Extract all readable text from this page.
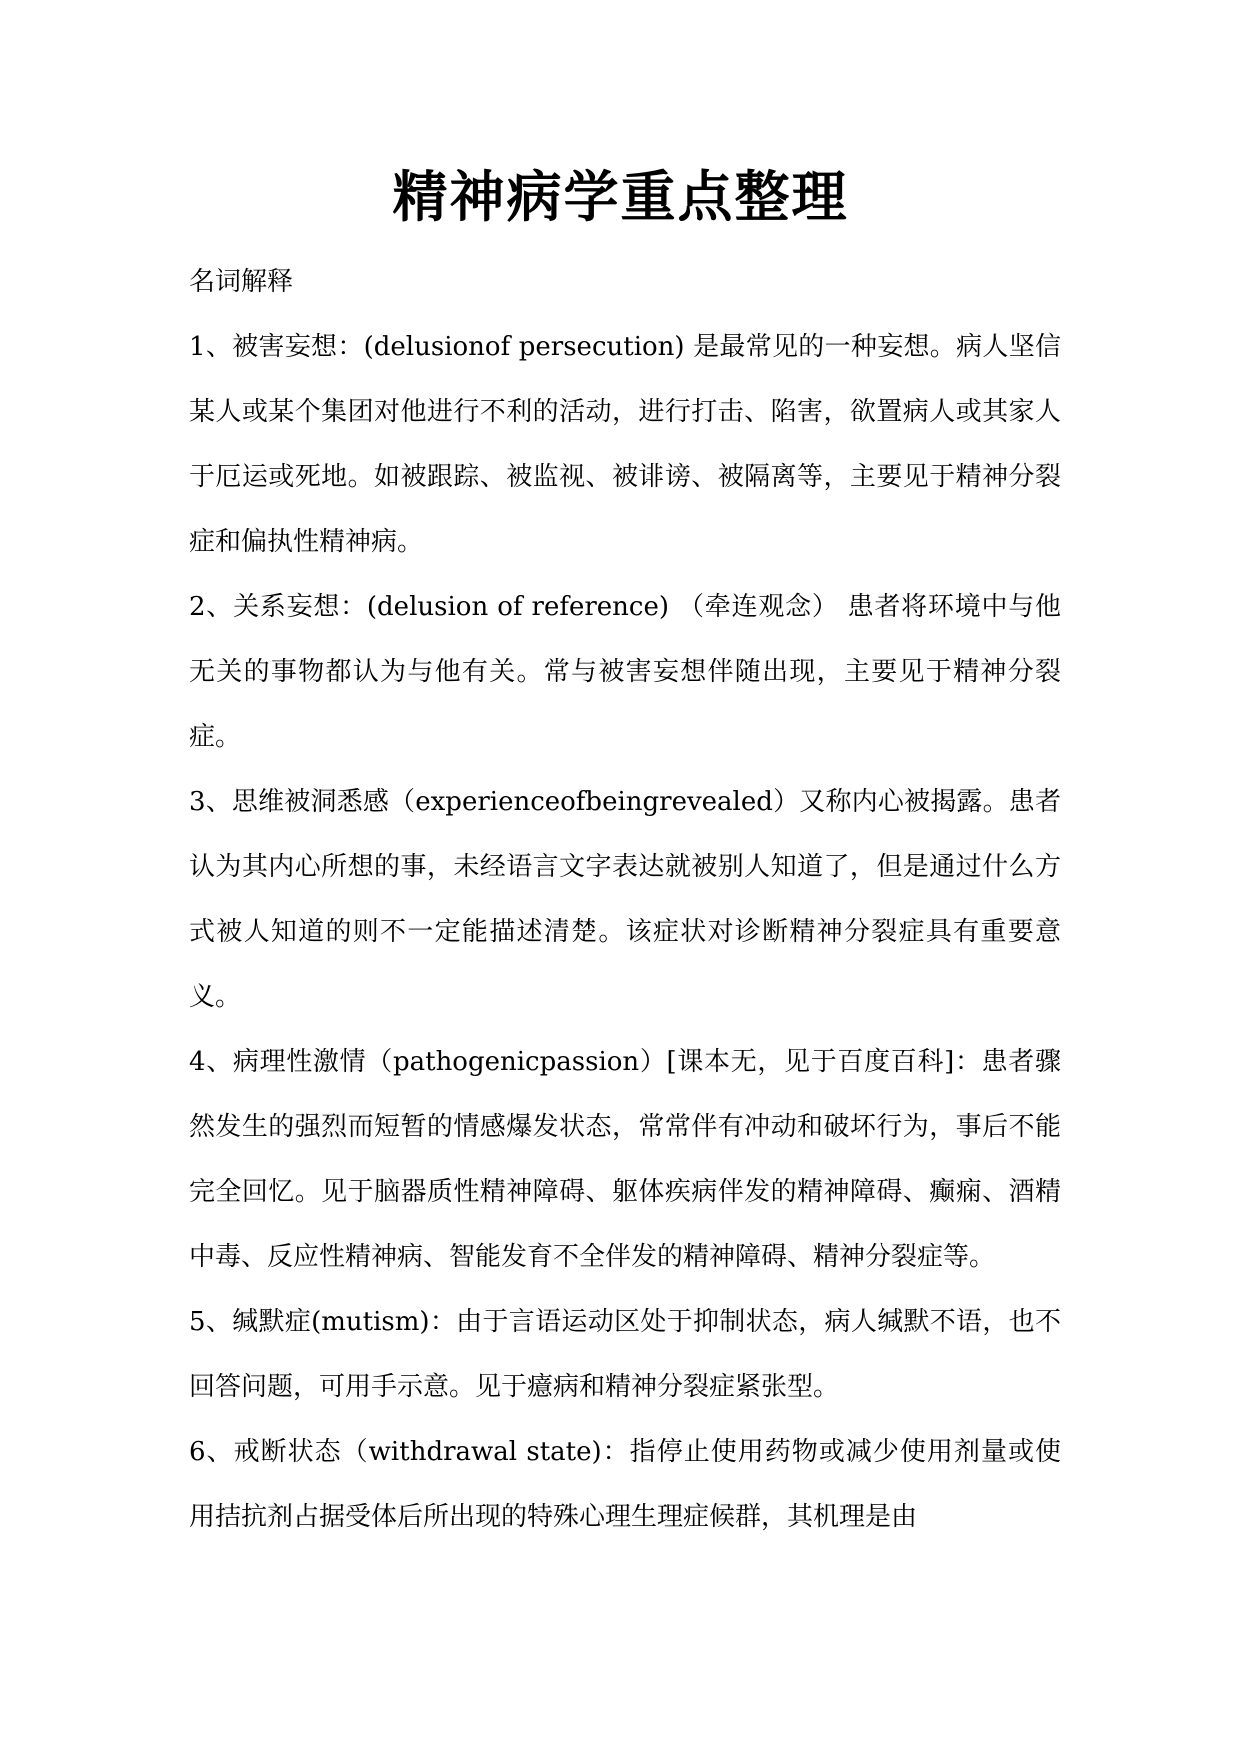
精神病学重点整理

名词解释

1、被害妄想：(delusionof persecution) 是最常见的一种妄想。病人坚信某人或某个集团对他进行不利的活动，进行打击、陷害，欲置病人或其家人于厄运或死地。如被跟踪、被监视、被诽谤、被隔离等，主要见于精神分裂症和偏执性精神病。

2、关系妄想：(delusion of reference) （牵连观念） 患者将环境中与他无关的事物都认为与他有关。常与被害妄想伴随出现，主要见于精神分裂症。

3、思维被洞悉感（experienceofbeingrevealed）又称内心被揭露。患者认为其内心所想的事，未经语言文字表达就被别人知道了，但是通过什么方式被人知道的则不一定能描述清楚。该症状对诊断精神分裂症具有重要意义。

4、病理性激情（pathogenicpassion）[课本无，见于百度百科]：患者骤然发生的强烈而短暂的情感爆发状态，常常伴有冲动和破坏行为，事后不能完全回忆。见于脑器质性精神障碍、躯体疾病伴发的精神障碍、癫痫、酒精中毒、反应性精神病、智能发育不全伴发的精神障碍、精神分裂症等。

5、缄默症(mutism)：由于言语运动区处于抑制状态，病人缄默不语，也不回答问题，可用手示意。见于癔病和精神分裂症紧张型。

6、戒断状态（withdrawal state)：指停止使用药物或减少使用剂量或使用拮抗剂占据受体后所出现的特殊心理生理症候群，其机理是由
